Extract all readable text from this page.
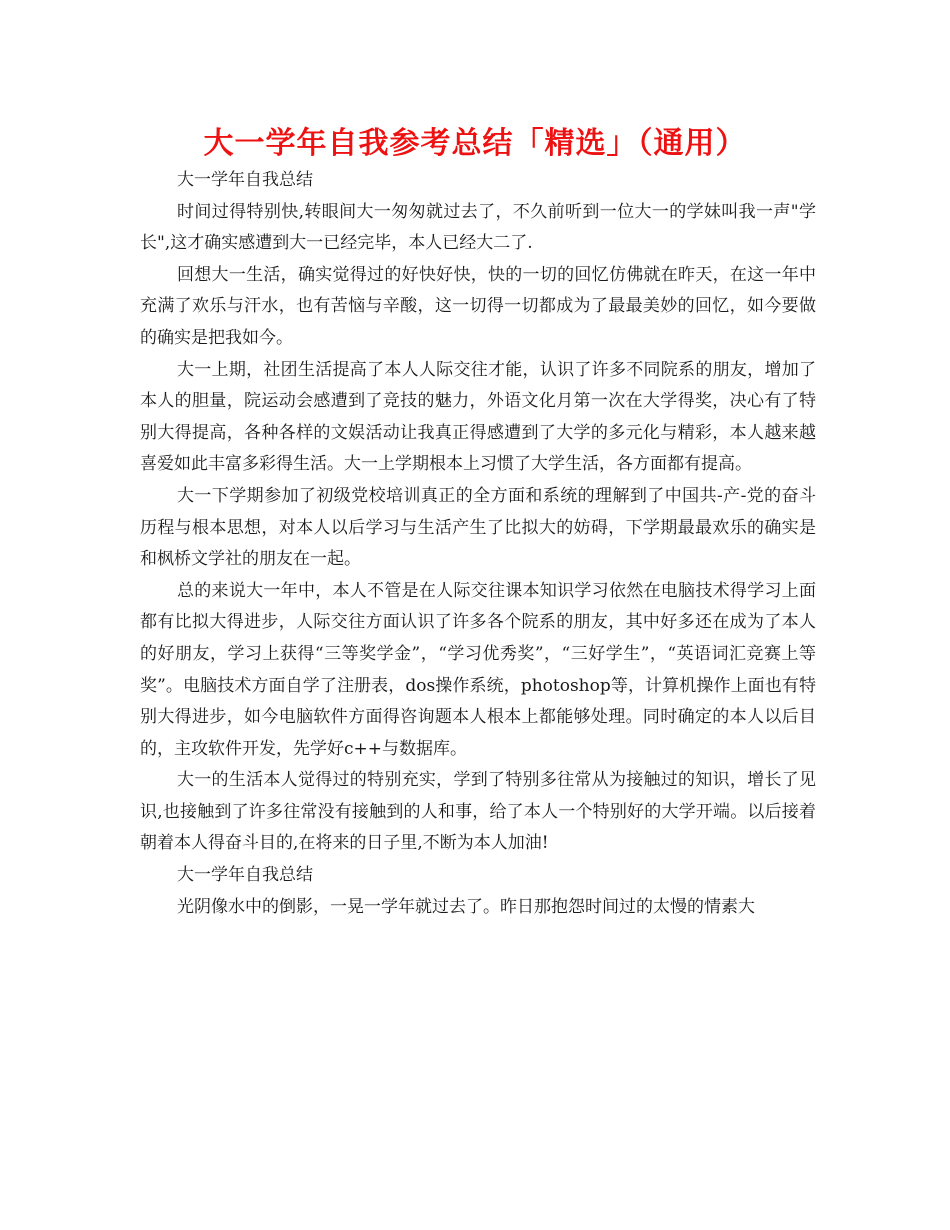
大一学年自我参考总结「精选」（通用）

大一学年自我总结

时间过得特别快,转眼间大一匆匆就过去了，不久前听到一位大一的学妹叫我一声"学长",这才确实感遭到大一已经完毕，本人已经大二了.

回想大一生活，确实觉得过的好快好快，快的一切的回忆仿佛就在昨天，在这一年中充满了欢乐与汗水，也有苦恼与辛酸，这一切得一切都成为了最最美妙的回忆，如今要做的确实是把我如今。

大一上期，社团生活提高了本人人际交往才能，认识了许多不同院系的朋友，增加了本人的胆量，院运动会感遭到了竞技的魅力，外语文化月第一次在大学得奖，决心有了特别大得提高，各种各样的文娱活动让我真正得感遭到了大学的多元化与精彩，本人越来越喜爱如此丰富多彩得生活。大一上学期根本上习惯了大学生活，各方面都有提高。

大一下学期参加了初级党校培训真正的全方面和系统的理解到了中国共-产-党的奋斗历程与根本思想，对本人以后学习与生活产生了比拟大的妨碍，下学期最最欢乐的确实是和枫桥文学社的朋友在一起。

总的来说大一年中，本人不管是在人际交往课本知识学习依然在电脑技术得学习上面都有比拟大得进步，人际交往方面认识了许多各个院系的朋友，其中好多还在成为了本人的好朋友，学习上获得“三等奖学金”，“学习优秀奖”，“三好学生”，“英语词汇竞赛上等奖”。电脑技术方面自学了注册表，dos操作系统，photoshop等，计算机操作上面也有特别大得进步，如今电脑软件方面得咨询题本人根本上都能够处理。同时确定的本人以后目的，主攻软件开发，先学好c++与数据库。

大一的生活本人觉得过的特别充实，学到了特别多往常从为接触过的知识，增长了见识,也接触到了许多往常没有接触到的人和事，给了本人一个特别好的大学开端。以后接着朝着本人得奋斗目的,在将来的日子里,不断为本人加油!

大一学年自我总结

光阴像水中的倒影，一晃一学年就过去了。昨日那抱怨时间过的太慢的情素大
